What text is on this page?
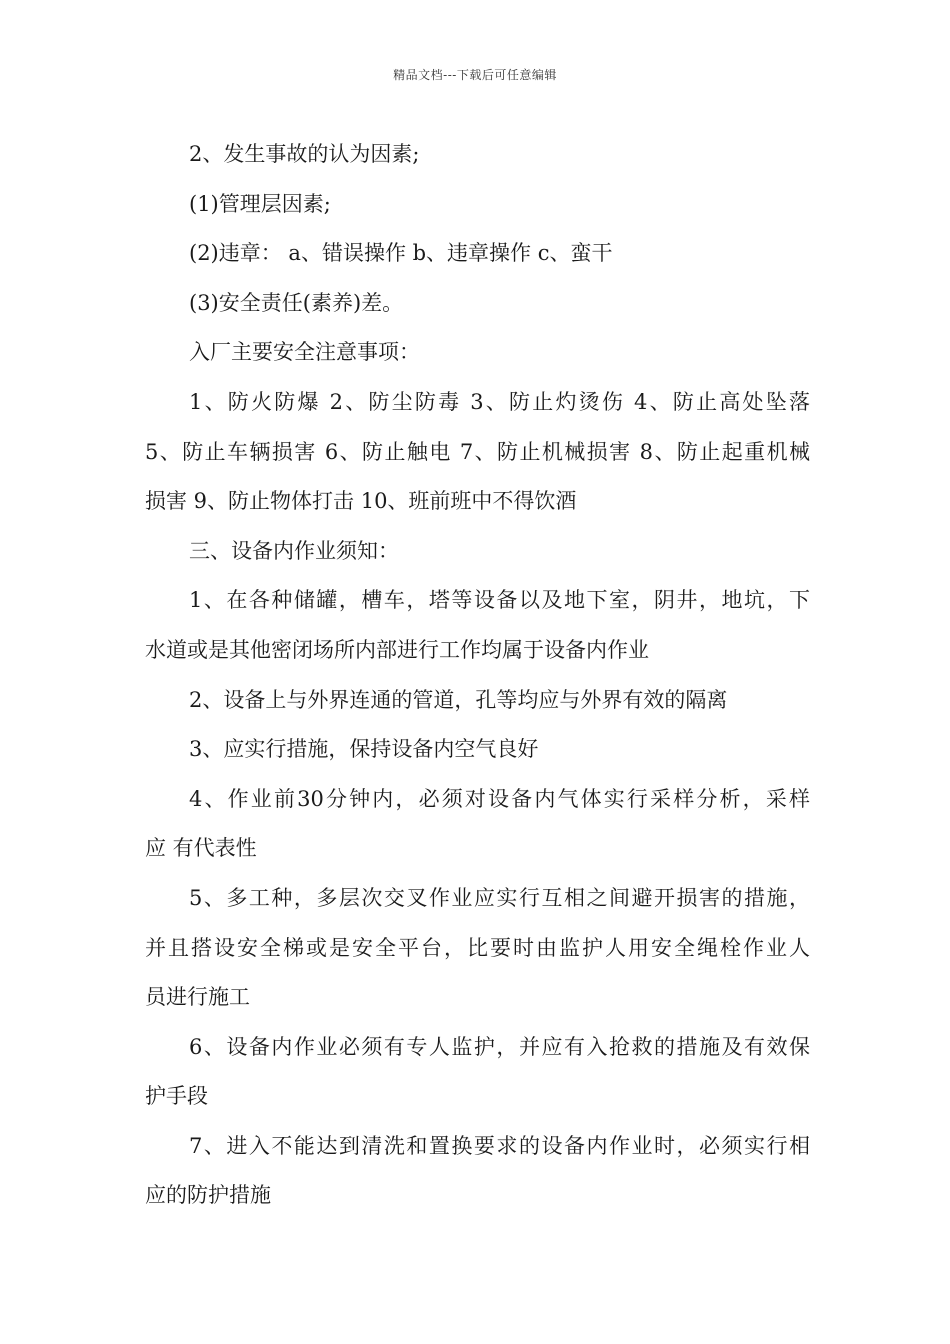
精品文档---下载后可任意编辑
2、发生事故的认为因素;
(1)管理层因素;
(2)违章： a、错误操作 b、违章操作 c、蛮干
(3)安全责任(素养)差。
入厂主要安全注意事项：
1、防火防爆 2、防尘防毒 3、防止灼烫伤 4、防止高处坠落
5、防止车辆损害 6、防止触电 7、防止机械损害 8、防止起重机械
损害 9、防止物体打击 10、班前班中不得饮酒
三、设备内作业须知：
1、在各种储罐，槽车，塔等设备以及地下室，阴井，地坑，下
水道或是其他密闭场所内部进行工作均属于设备内作业
2、设备上与外界连通的管道，孔等均应与外界有效的隔离
3、应实行措施，保持设备内空气良好
4、作业前30分钟内，必须对设备内气体实行采样分析，采样
应 有代表性
5、多工种，多层次交叉作业应实行互相之间避开损害的措施，
并且搭设安全梯或是安全平台，比要时由监护人用安全绳栓作业人
员进行施工
6、设备内作业必须有专人监护，并应有入抢救的措施及有效保
护手段
7、进入不能达到清洗和置换要求的设备内作业时，必须实行相
应的防护措施
